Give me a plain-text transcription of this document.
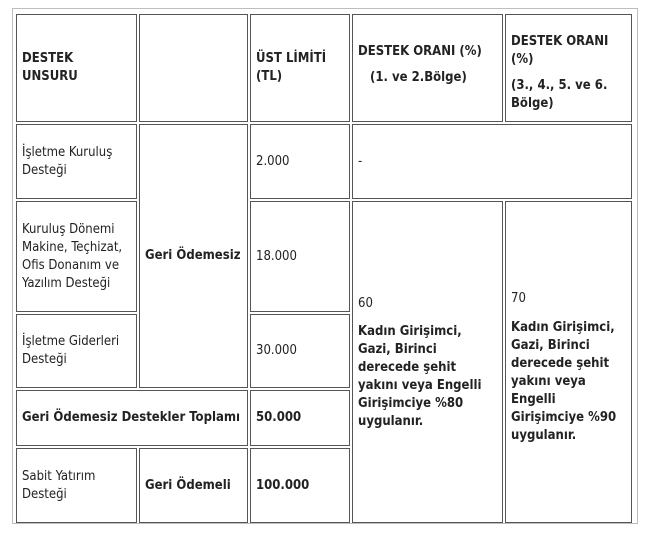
DESTEK UNSURU
ÜST LİMİTİ (TL)
DESTEK ORANI (%)
(1. ve 2.Bölge)
DESTEK ORANI (%)
(3., 4., 5. ve 6. Bölge)
İşletme Kuruluş Desteği
2.000	-
Geri Ödemesiz
Kuruluş Dönemi Makine, Teçhizat, Ofis Donanım ve Yazılım Desteği
18.000
60
Kadın Girişimci, Gazi, Birinci derecede şehit yakını veya Engelli Girişimciye %80 uygulanır.
70
Kadın Girişimci, Gazi, Birinci derecede şehit yakını veya Engelli Girişimciye %90 uygulanır.
İşletme Giderleri Desteği
30.000
Geri Ödemesiz Destekler Toplamı 50.000
Sabit Yatırım Desteği
Geri Ödemeli 100.000
